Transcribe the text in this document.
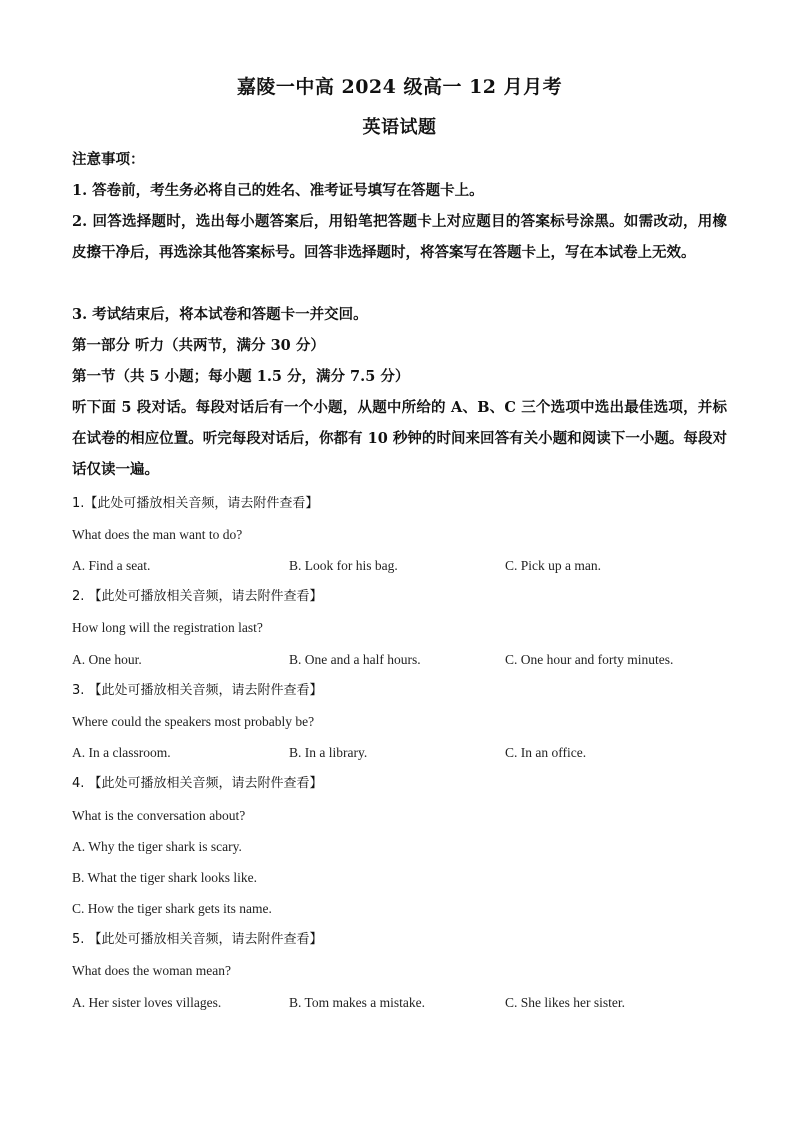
嘉陵一中高 2024 级高一 12 月月考
英语试题
注意事项：
1. 答卷前，考生务必将自己的姓名、准考证号填写在答题卡上。
2. 回答选择题时，选出每小题答案后，用铅笔把答题卡上对应题目的答案标号涂黑。如需改动，用橡皮擦干净后，再选涂其他答案标号。回答非选择题时，将答案写在答题卡上，写在本试卷上无效。
3. 考试结束后，将本试卷和答题卡一并交回。
第一部分 听力（共两节，满分 30 分）
第一节（共 5 小题；每小题 1.5 分，满分 7.5 分）
听下面 5 段对话。每段对话后有一个小题，从题中所给的 A、B、C 三个选项中选出最佳选项，并标在试卷的相应位置。听完每段对话后，你都有 10 秒钟的时间来回答有关小题和阅读下一小题。每段对话仅读一遍。
1.【此处可播放相关音频，请去附件查看】
What does the man want to do?
A. Find a seat.	B. Look for his bag.	C. Pick up a man.
2. 【此处可播放相关音频，请去附件查看】
How long will the registration last?
A. One hour.	B. One and a half hours.	C. One hour and forty minutes.
3. 【此处可播放相关音频，请去附件查看】
Where could the speakers most probably be?
A. In a classroom.	B. In a library.	C. In an office.
4. 【此处可播放相关音频，请去附件查看】
What is the conversation about?
A. Why the tiger shark is scary.
B. What the tiger shark looks like.
C. How the tiger shark gets its name.
5. 【此处可播放相关音频，请去附件查看】
What does the woman mean?
A. Her sister loves villages.	B. Tom makes a mistake.	C. She likes her sister.
